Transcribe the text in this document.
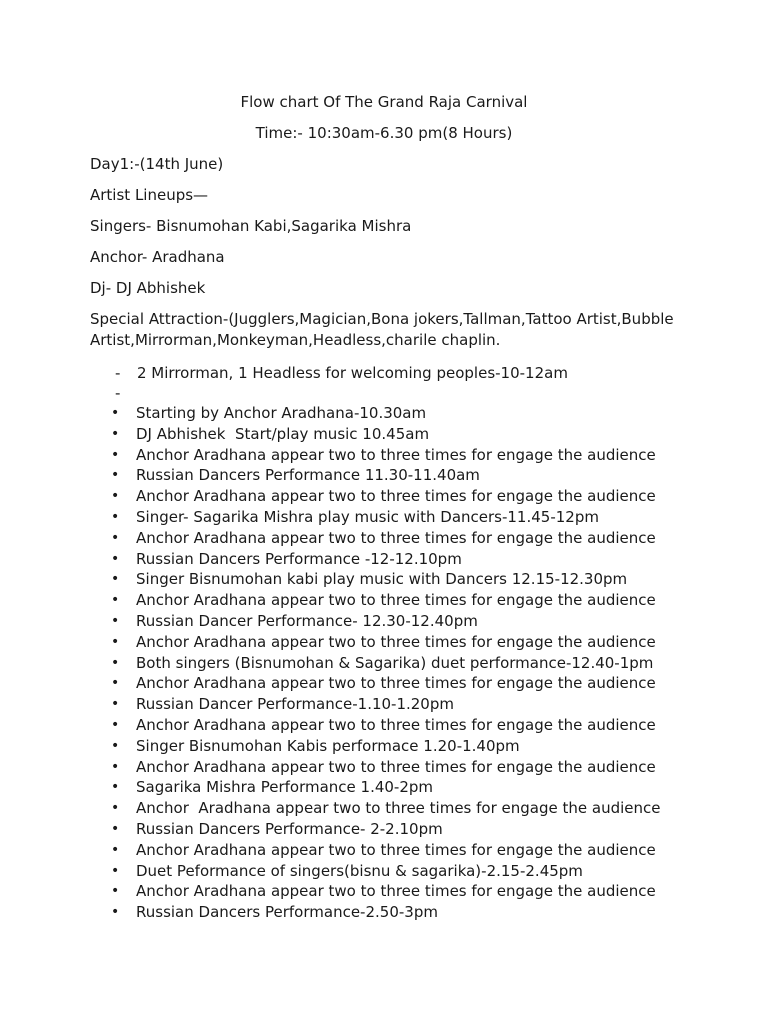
Flow chart Of The Grand Raja Carnival
Time:- 10:30am-6.30 pm(8 Hours)
Day1:-(14th June)
Artist Lineups—
Singers- Bisnumohan Kabi,Sagarika Mishra
Anchor- Aradhana
Dj- DJ Abhishek
Special Attraction-(Jugglers,Magician,Bona jokers,Tallman,Tattoo Artist,Bubble Artist,Mirrorman,Monkeyman,Headless,charile chaplin.
- 2 Mirrorman, 1 Headless for welcoming peoples-10-12am
-
• Starting by Anchor Aradhana-10.30am
• DJ Abhishek  Start/play music 10.45am
• Anchor Aradhana appear two to three times for engage the audience
• Russian Dancers Performance 11.30-11.40am
• Anchor Aradhana appear two to three times for engage the audience
• Singer- Sagarika Mishra play music with Dancers-11.45-12pm
• Anchor Aradhana appear two to three times for engage the audience
• Russian Dancers Performance -12-12.10pm
• Singer Bisnumohan kabi play music with Dancers 12.15-12.30pm
• Anchor Aradhana appear two to three times for engage the audience
• Russian Dancer Performance- 12.30-12.40pm
• Anchor Aradhana appear two to three times for engage the audience
• Both singers (Bisnumohan & Sagarika) duet performance-12.40-1pm
• Anchor Aradhana appear two to three times for engage the audience
• Russian Dancer Performance-1.10-1.20pm
• Anchor Aradhana appear two to three times for engage the audience
• Singer Bisnumohan Kabis performace 1.20-1.40pm
• Anchor Aradhana appear two to three times for engage the audience
• Sagarika Mishra Performance 1.40-2pm
• Anchor  Aradhana appear two to three times for engage the audience
• Russian Dancers Performance- 2-2.10pm
• Anchor Aradhana appear two to three times for engage the audience
• Duet Peformance of singers(bisnu & sagarika)-2.15-2.45pm
• Anchor Aradhana appear two to three times for engage the audience
• Russian Dancers Performance-2.50-3pm
